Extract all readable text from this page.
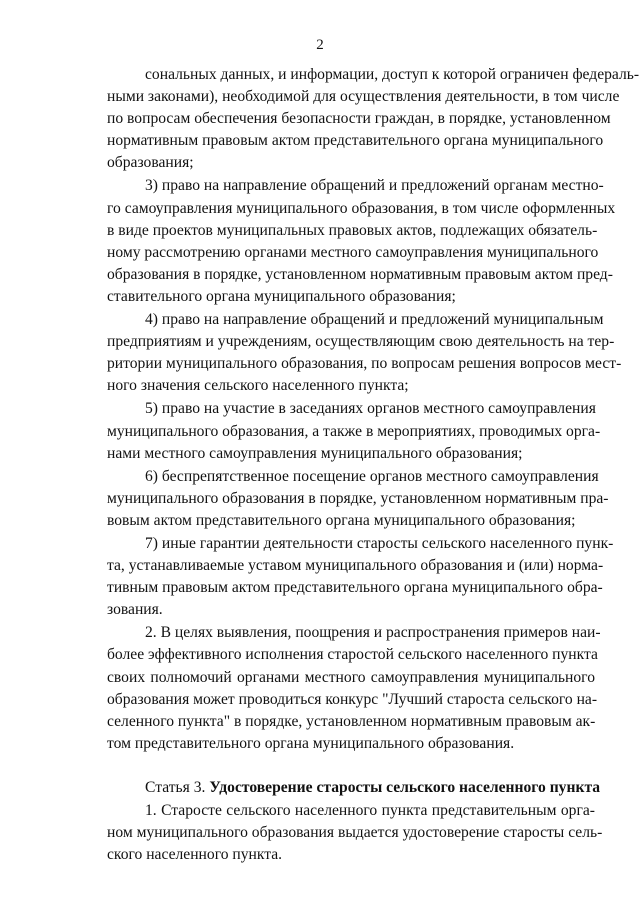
2
сональных данных, и информации, доступ к которой ограничен федераль-
ными законами), необходимой для осуществления деятельности, в том числе
по вопросам обеспечения безопасности граждан, в порядке, установленном
нормативным правовым актом представительного органа муниципального
образования;
3) право на направление обращений и предложений органам местно-
го самоуправления муниципального образования, в том числе оформленных
в виде проектов муниципальных правовых актов, подлежащих обязатель-
ному рассмотрению органами местного самоуправления муниципального
образования в порядке, установленном нормативным правовым актом пред-
ставительного органа муниципального образования;
4) право на направление обращений и предложений муниципальным
предприятиям и учреждениям, осуществляющим свою деятельность на тер-
ритории муниципального образования, по вопросам решения вопросов мест-
ного значения сельского населенного пункта;
5) право на участие в заседаниях органов местного самоуправления
муниципального образования, а также в мероприятиях, проводимых орга-
нами местного самоуправления муниципального образования;
6) беспрепятственное посещение органов местного самоуправления
муниципального образования в порядке, установленном нормативным пра-
вовым актом представительного органа муниципального образования;
7) иные гарантии деятельности старосты сельского населенного пунк-
та, устанавливаемые уставом муниципального образования и (или) норма-
тивным правовым актом представительного органа муниципального обра-
зования.
2. В целях выявления, поощрения и распространения примеров наи-
более эффективного исполнения старостой сельского населенного пункта
своих полномочий органами местного самоуправления муниципального
образования может проводиться конкурс "Лучший староста сельского на-
селенного пункта" в порядке, установленном нормативным правовым ак-
том представительного органа муниципального образования.
Статья 3. Удостоверение старосты сельского населенного пункта
1. Старосте сельского населенного пункта представительным орга-
ном муниципального образования выдается удостоверение старосты сель-
ского населенного пункта.
